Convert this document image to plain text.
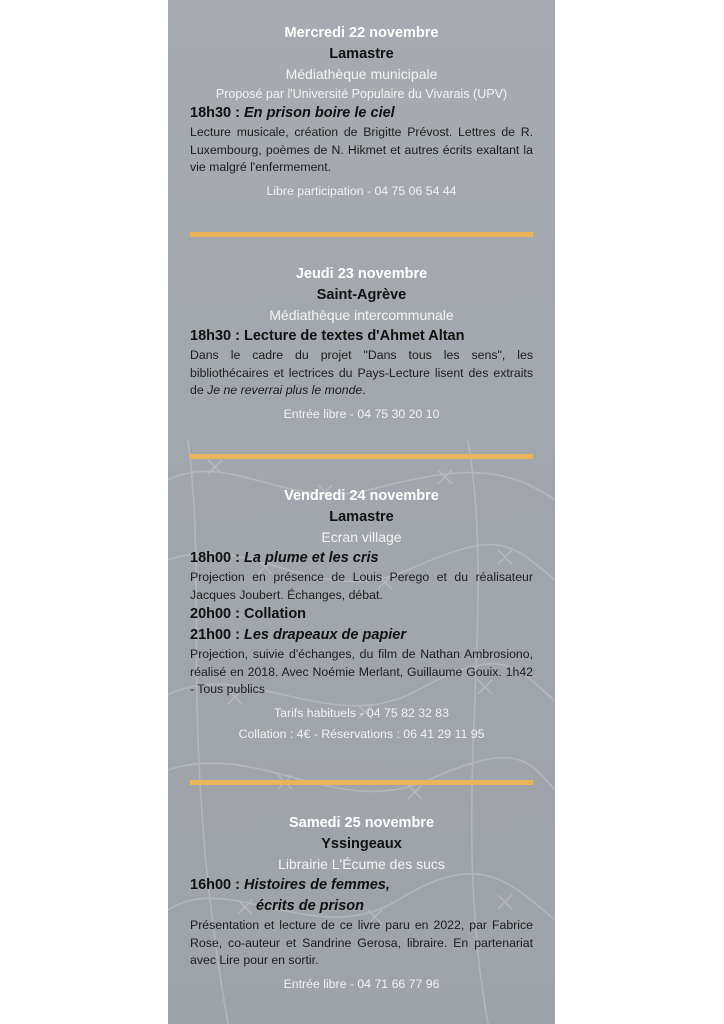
Mercredi 22 novembre
Lamastre
Médiathèque municipale
Proposé par l'Université Populaire du Vivarais (UPV)
18h30 : En prison boire le ciel
Lecture musicale, création de Brigitte Prévost. Lettres de R. Luxembourg, poèmes de N. Hikmet et autres écrits exaltant la vie malgré l'enfermement.
Libre participation - 04 75 06 54 44
Jeudi 23 novembre
Saint-Agrève
Médiathèque intercommunale
18h30 : Lecture de textes d'Ahmet Altan
Dans le cadre du projet "Dans tous les sens", les bibliothécaires et lectrices du Pays-Lecture lisent des extraits de Je ne reverrai plus le monde.
Entrée libre - 04 75 30 20 10
Vendredi 24 novembre
Lamastre
Ecran village
18h00 : La plume et les cris
Projection en présence de Louis Perego et du réalisateur Jacques Joubert. Échanges, débat.
20h00 : Collation
21h00 : Les drapeaux de papier
Projection, suivie d'échanges, du film de Nathan Ambrosiono, réalisé en 2018. Avec Noémie Merlant, Guillaume Gouix. 1h42 - Tous publics
Tarifs habituels - 04 75 82 32 83
Collation : 4€ - Réservations : 06 41 29 11 95
Samedi 25 novembre
Yssingeaux
Librairie L'Écume des sucs
16h00 : Histoires de femmes,
écrits de prison
Présentation et lecture de ce livre paru en 2022, par Fabrice Rose, co-auteur et Sandrine Gerosa, libraire. En partenariat avec Lire pour en sortir.
Entrée libre - 04 71 66 77 96
